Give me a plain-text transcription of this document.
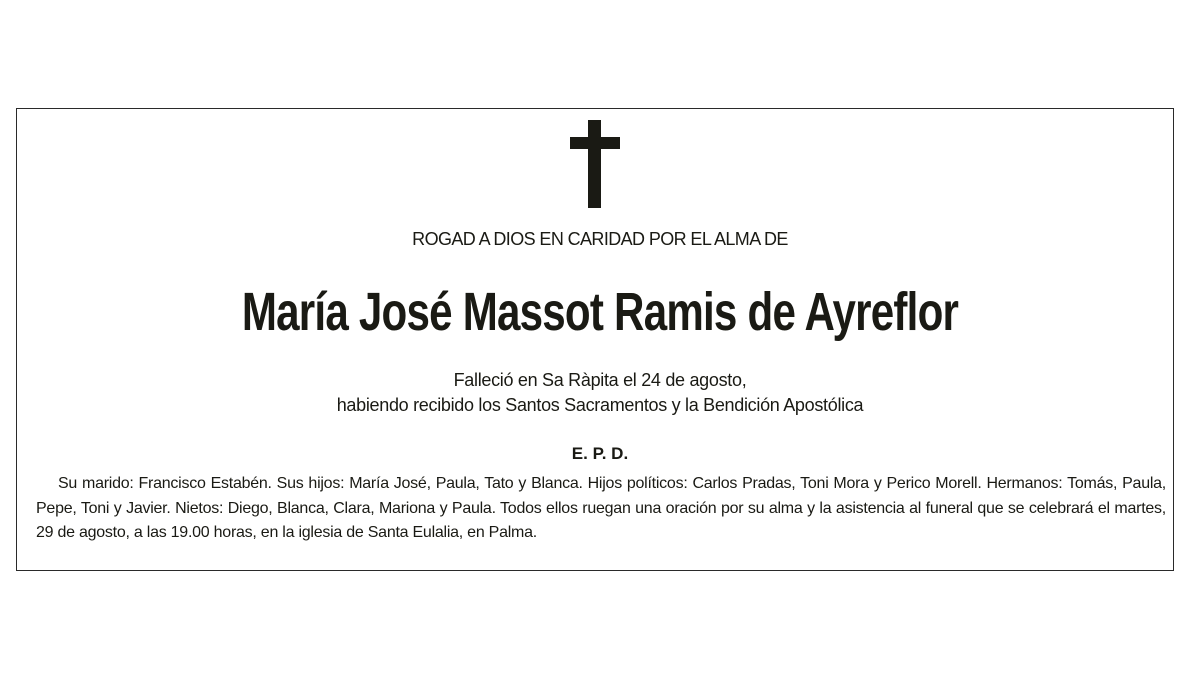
ROGAD A DIOS EN CARIDAD POR EL ALMA DE
María José Massot Ramis de Ayreflor
Falleció en Sa Ràpita el 24 de agosto,
habiendo recibido los Santos Sacramentos y la Bendición Apostólica
E. P. D.

Su marido: Francisco Estabén. Sus hijos: María José, Paula, Tato y Blanca. Hijos políticos: Carlos Pradas, Toni Mora y Perico Morell. Hermanos: Tomás, Paula, Pepe, Toni y Javier. Nietos: Diego, Blanca, Clara, Mariona y Paula. Todos ellos ruegan una oración por su alma y la asistencia al funeral que se celebrará el martes, 29 de agosto, a las 19.00 horas, en la iglesia de Santa Eulalia, en Palma.
